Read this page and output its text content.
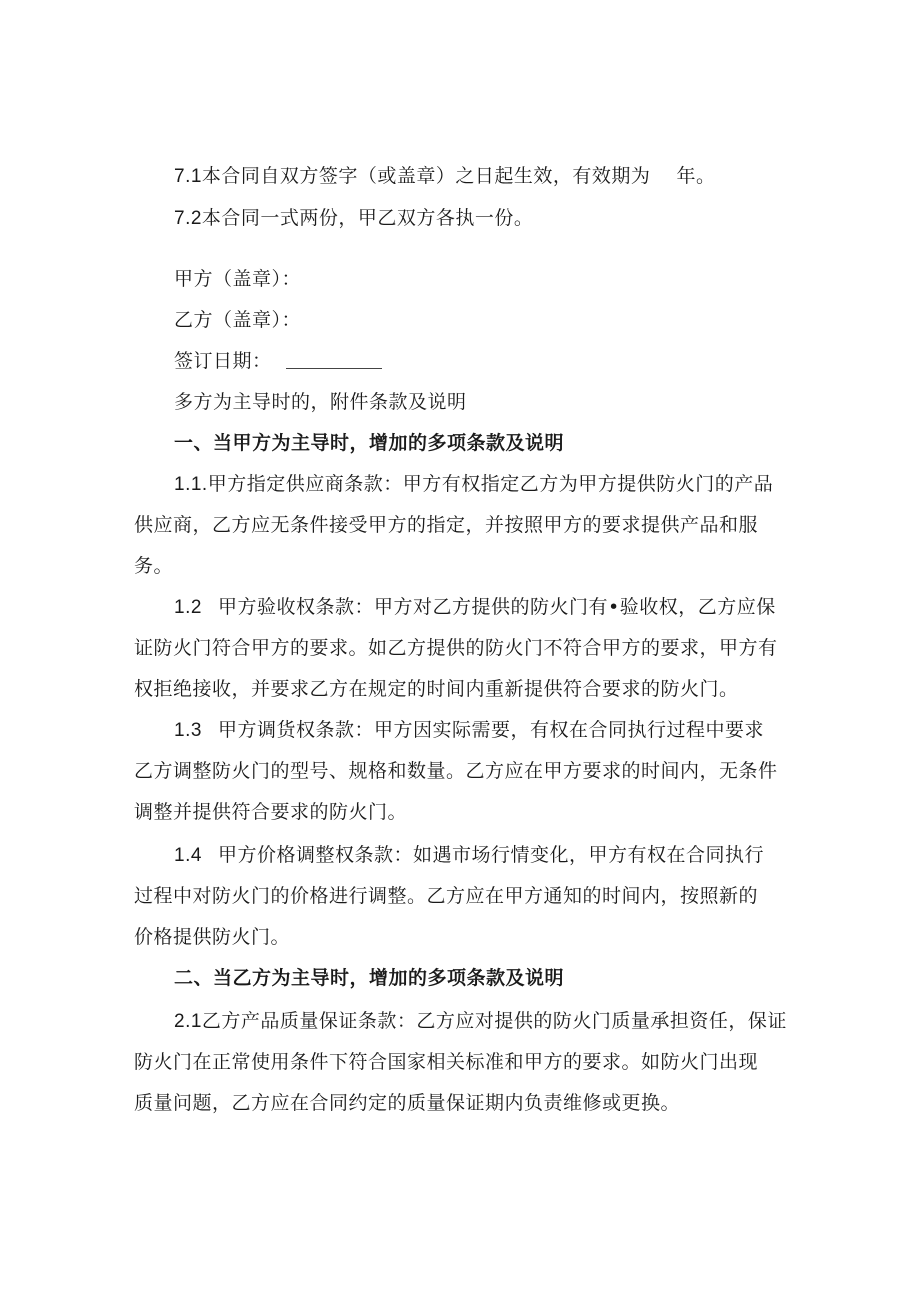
7.1本合同自双方签字（或盖章）之日起生效，有效期为 年。
7.2本合同一式两份，甲乙双方各执一份。
甲方（盖章）：
乙方（盖章）：
签订日期：
多方为主导时的，附件条款及说明
一、当甲方为主导时，增加的多项条款及说明
1.1.甲方指定供应商条款：甲方有权指定乙方为甲方提供防火门的产品
供应商，乙方应无条件接受甲方的指定，并按照甲方的要求提供产品和服
务。
1.2 甲方验收权条款：甲方对乙方提供的防火门有•验收权，乙方应保
证防火门符合甲方的要求。如乙方提供的防火门不符合甲方的要求，甲方有
权拒绝接收，并要求乙方在规定的时间内重新提供符合要求的防火门。
1.3 甲方调货权条款：甲方因实际需要，有权在合同执行过程中要求
乙方调整防火门的型号、规格和数量。乙方应在甲方要求的时间内，无条件
调整并提供符合要求的防火门。
1.4 甲方价格调整权条款：如遇市场行情变化，甲方有权在合同执行
过程中对防火门的价格进行调整。乙方应在甲方通知的时间内，按照新的
价格提供防火门。
二、当乙方为主导时，增加的多项条款及说明
2.1乙方产品质量保证条款：乙方应对提供的防火门质量承担资任，保证
防火门在正常使用条件下符合国家相关标准和甲方的要求。如防火门出现
质量问题，乙方应在合同约定的质量保证期内负责维修或更换。
